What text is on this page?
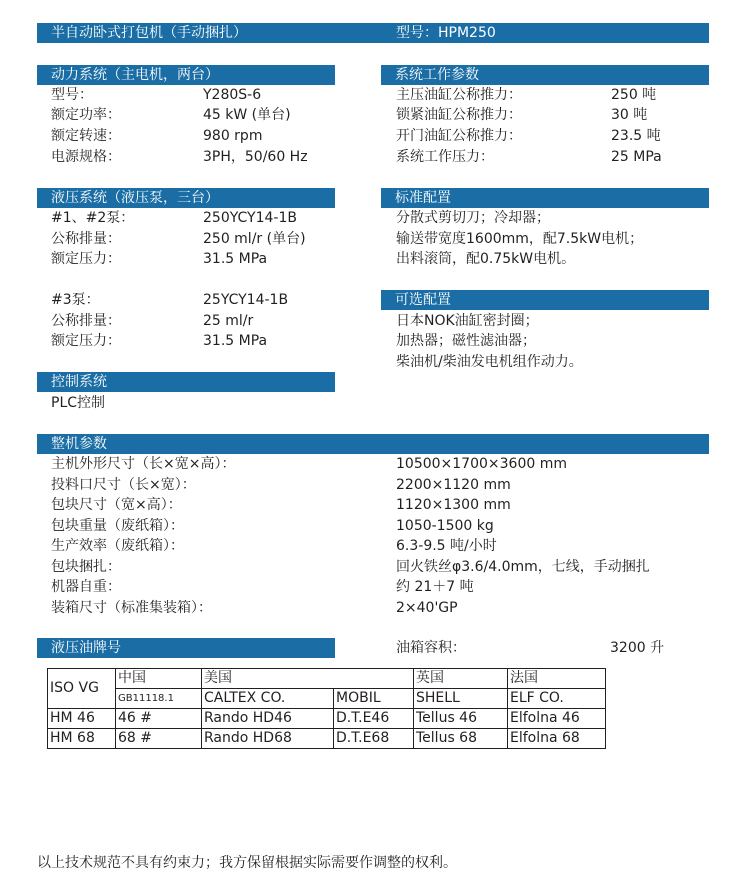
半自动卧式打包机（手动捆扎）	型号：HPM250
动力系统（主电机，两台）
型号：	Y280S-6
额定功率：	45 kW (单台)
额定转速：	980 rpm
电源规格：	3PH，50/60 Hz
系统工作参数
主压油缸公称推力：	250 吨
锁紧油缸公称推力：	30 吨
开门油缸公称推力：	23.5 吨
系统工作压力：	25 MPa
液压系统（液压泵，三台）
#1、#2泵：	250YCY14-1B
公称排量：	250 ml/r (单台)
额定压力：	31.5 MPa
#3泵：	25YCY14-1B
公称排量：	25 ml/r
额定压力：	31.5 MPa
标准配置
分散式剪切刀；冷却器；
输送带宽度1600mm，配7.5kW电机；
出料滚筒，配0.75kW电机。
可选配置
日本NOK油缸密封圈；
加热器；磁性滤油器；
柴油机/柴油发电机组作动力。
控制系统
PLC控制
整机参数
主机外形尺寸（长×宽×高）：	10500×1700×3600 mm
投料口尺寸（长×宽）：	2200×1120 mm
包块尺寸（宽×高）：	1120×1300 mm
包块重量（废纸箱）：	1050-1500 kg
生产效率（废纸箱）：	6.3-9.5 吨/小时
包块捆扎：	回火铁丝φ3.6/4.0mm，七线，手动捆扎
机器自重：	约 21＋7 吨
装箱尺寸（标准集装箱）：	2×40'GP
液压油牌号	油箱容积：	3200 升
ISO VG	中国	美国		英国	法国
	GB11118.1	CALTEX CO.	MOBIL	SHELL	ELF CO.
HM 46	46 #	Rando HD46	D.T.E46	Tellus 46	Elfolna 46
HM 68	68 #	Rando HD68	D.T.E68	Tellus 68	Elfolna 68
以上技术规范不具有约束力；我方保留根据实际需要作调整的权利。
